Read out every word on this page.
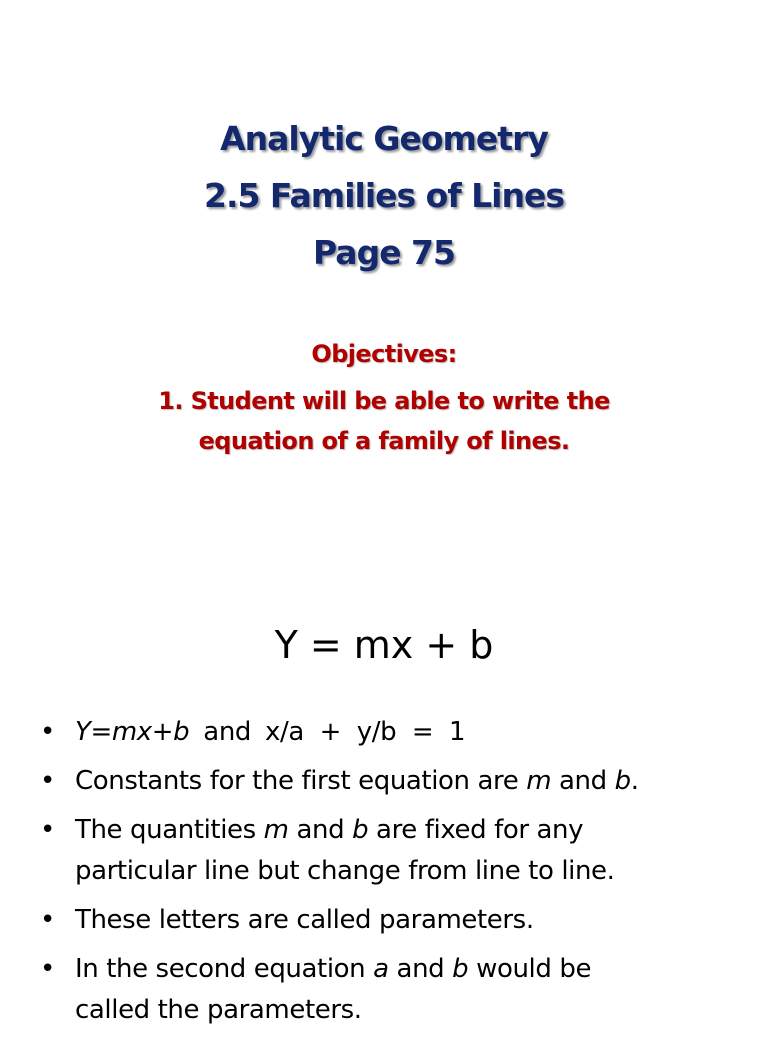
Analytic Geometry
2.5 Families of Lines
Page 75
Objectives:
1. Student will be able to write the
equation of a family of lines.
Y = mx + b
• Y=mx+b and x/a  +  y/b  =  1
• Constants for the first equation are m and b.
• The quantities m and b are fixed for any
particular line but change from line to line.
• These letters are called parameters.
• In the second equation a and b would be
called the parameters.
